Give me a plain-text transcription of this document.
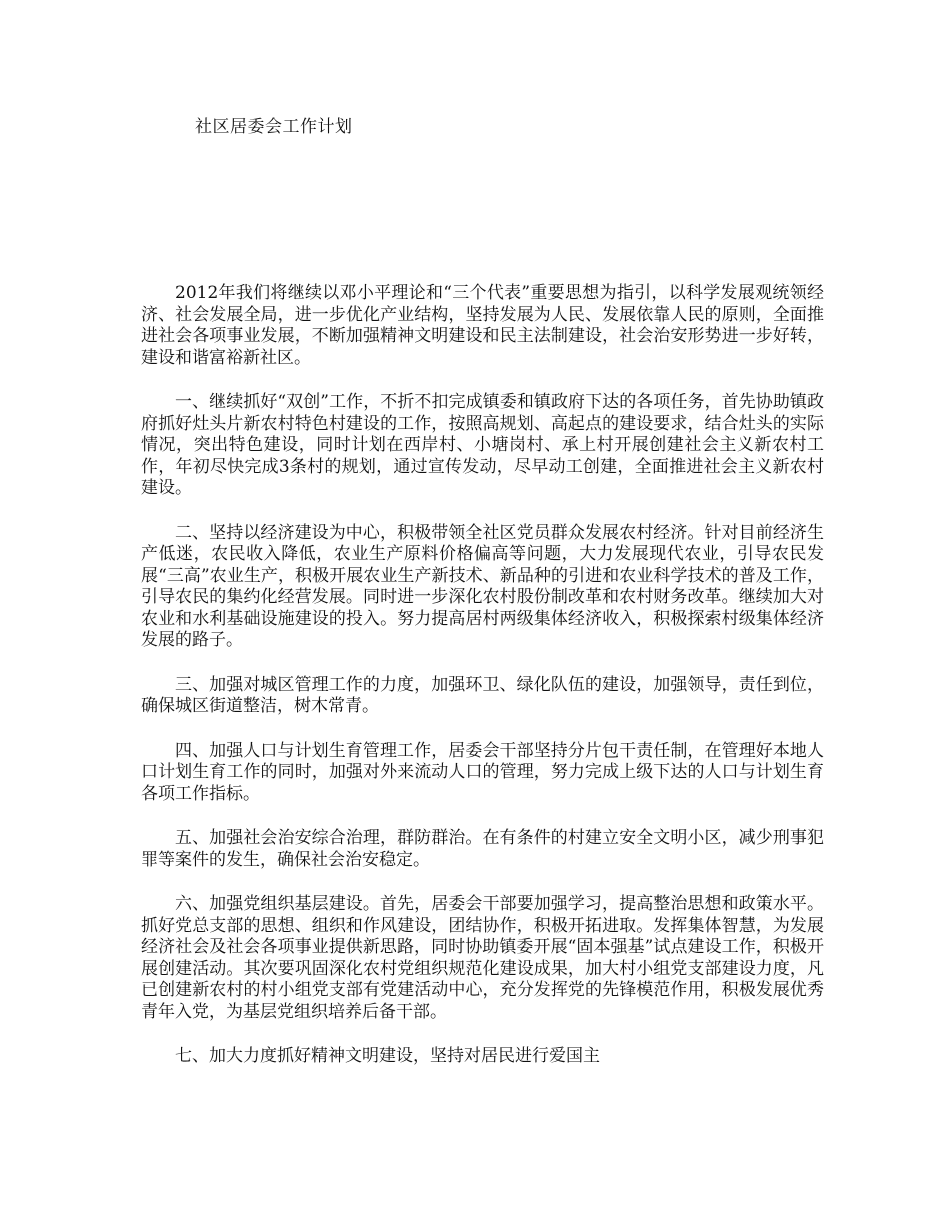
社区居委会工作计划

2012年我们将继续以邓小平理论和“三个代表”重要思想为指引，以科学发展观统领经济、社会发展全局，进一步优化产业结构，坚持发展为人民、发展依靠人民的原则，全面推进社会各项事业发展，不断加强精神文明建设和民主法制建设，社会治安形势进一步好转，建设和谐富裕新社区。

一、继续抓好“双创”工作，不折不扣完成镇委和镇政府下达的各项任务，首先协助镇政府抓好灶头片新农村特色村建设的工作，按照高规划、高起点的建设要求，结合灶头的实际情况，突出特色建设，同时计划在西岸村、小塘岗村、承上村开展创建社会主义新农村工作，年初尽快完成3条村的规划，通过宣传发动，尽早动工创建，全面推进社会主义新农村建设。

二、坚持以经济建设为中心，积极带领全社区党员群众发展农村经济。针对目前经济生产低迷，农民收入降低，农业生产原料价格偏高等问题，大力发展现代农业，引导农民发展“三高”农业生产，积极开展农业生产新技术、新品种的引进和农业科学技术的普及工作，引导农民的集约化经营发展。同时进一步深化农村股份制改革和农村财务改革。继续加大对农业和水利基础设施建设的投入。努力提高居村两级集体经济收入，积极探索村级集体经济发展的路子。

三、加强对城区管理工作的力度，加强环卫、绿化队伍的建设，加强领导，责任到位，确保城区街道整洁，树木常青。

四、加强人口与计划生育管理工作，居委会干部坚持分片包干责任制，在管理好本地人口计划生育工作的同时，加强对外来流动人口的管理，努力完成上级下达的人口与计划生育各项工作指标。

五、加强社会治安综合治理，群防群治。在有条件的村建立安全文明小区，减少刑事犯罪等案件的发生，确保社会治安稳定。

六、加强党组织基层建设。首先，居委会干部要加强学习，提高整治思想和政策水平。抓好党总支部的思想、组织和作风建设，团结协作，积极开拓进取。发挥集体智慧，为发展经济社会及社会各项事业提供新思路，同时协助镇委开展“固本强基”试点建设工作，积极开展创建活动。其次要巩固深化农村党组织规范化建设成果，加大村小组党支部建设力度，凡已创建新农村的村小组党支部有党建活动中心，充分发挥党的先锋模范作用，积极发展优秀青年入党，为基层党组织培养后备干部。

七、加大力度抓好精神文明建设，坚持对居民进行爱国主
